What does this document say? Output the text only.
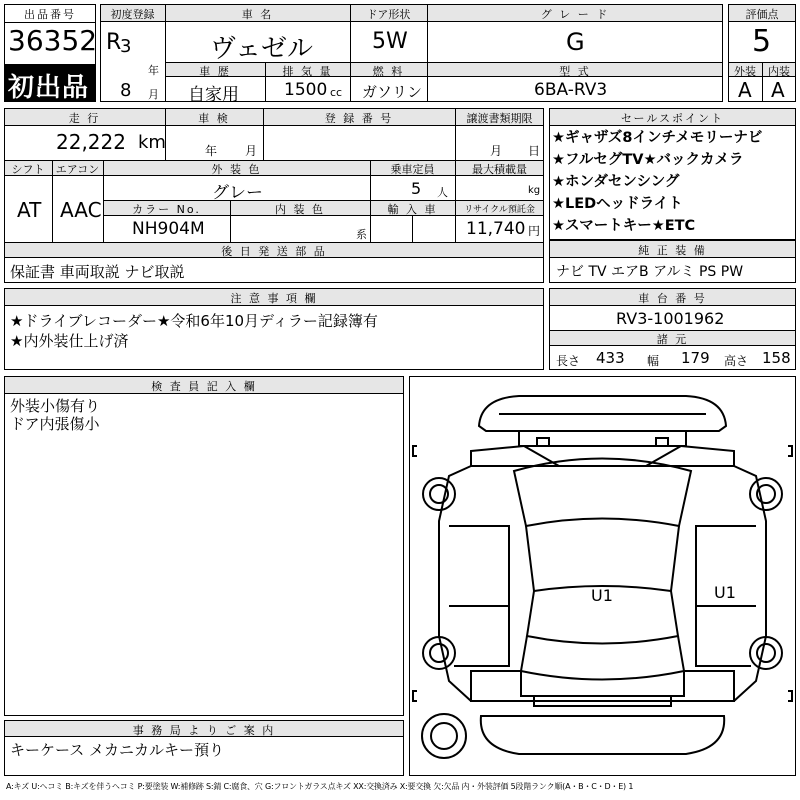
出品番号
36352
初出品
初度登録
R
3
年
8 月
車 名
ヴェゼル
ドア形状
5W
グ レ ー ド
G
車 歴
自家用
排 気 量
1500 cc
燃 料
ガソリン
型 式
6BA-RV3
評価点
5
外装	内装
A A
走 行
22,222 km
車 検
年 月
登 録 番 号	譲渡書類期限
月 日
シフト
AT
エアコン
AAC
外 装 色
グレー
乗車定員
5 人
最大積載量
kg
カラー No.
NH904M
内 装 色
系
輸 入 車	リサイクル預託金
11,740 円
後 日 発 送 部 品
保証書 車両取説 ナビ取説
セールスポイント
★ギャザズ8インチメモリーナビ
★フルセグTV★バックカメラ
★ホンダセンシング
★LEDヘッドライト
★スマートキー★ETC
純 正 装 備
ナビ TV エアB アルミ PS PW
注 意 事 項 欄
★ドライブレコーダー★令和6年10月ディラー記録簿有
★内外装仕上げ済
車 台 番 号
RV3-1001962
諸 元
長さ 433 幅 179 高さ 158
検 査 員 記 入 欄
外装小傷有り
ドア内張傷小
事 務 局 よ り ご 案 内
キーケース メカニカルキー預り
U1	U1
A:キズ U:ヘコミ B:キズを伴うヘコミ P:要塗装 W:補修跡 S:錆 C:腐食、穴 G:フロントガラス点キズ XX:交換済み X:要交換 欠:欠品 内・外装評価 5段階ランク順(A・B・C・D・E) 1
